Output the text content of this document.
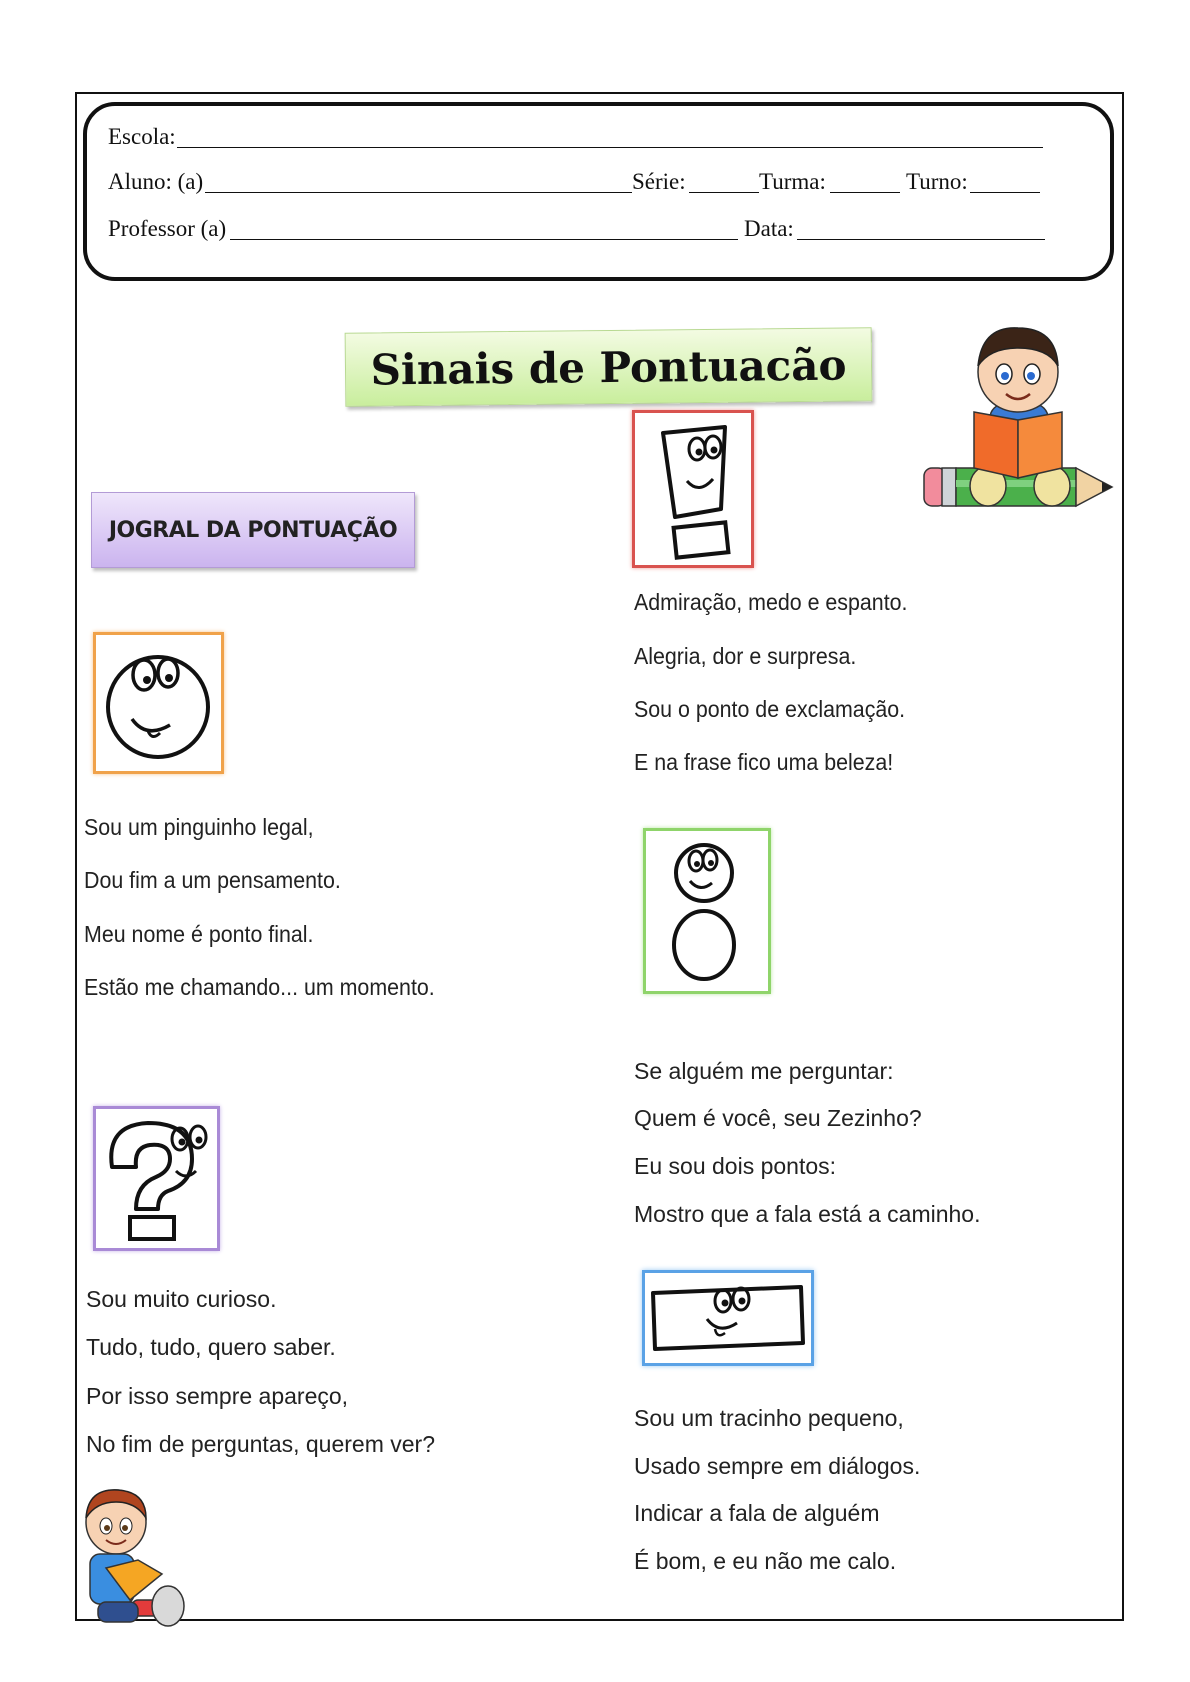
Escola:
Aluno: (a)	Série:	Turma:	Turno:
Professor (a)	Data:
Sinais de Pontuacão
JOGRAL DA PONTUAÇÃO
Sou um pinguinho legal,
Dou fim a um pensamento.
Meu nome é ponto final.
Estão me chamando... um momento.
Sou muito curioso.
Tudo, tudo, quero saber.
Por isso sempre apareço,
No fim de perguntas, querem ver?
Admiração, medo e espanto.
Alegria, dor e surpresa.
Sou o ponto de exclamação.
E na frase fico uma beleza!
Se alguém me perguntar:
Quem é você, seu Zezinho?
Eu sou dois pontos:
Mostro que a fala está a caminho.
Sou um tracinho pequeno,
Usado sempre em diálogos.
Indicar a fala de alguém
É bom, e eu não me calo.
